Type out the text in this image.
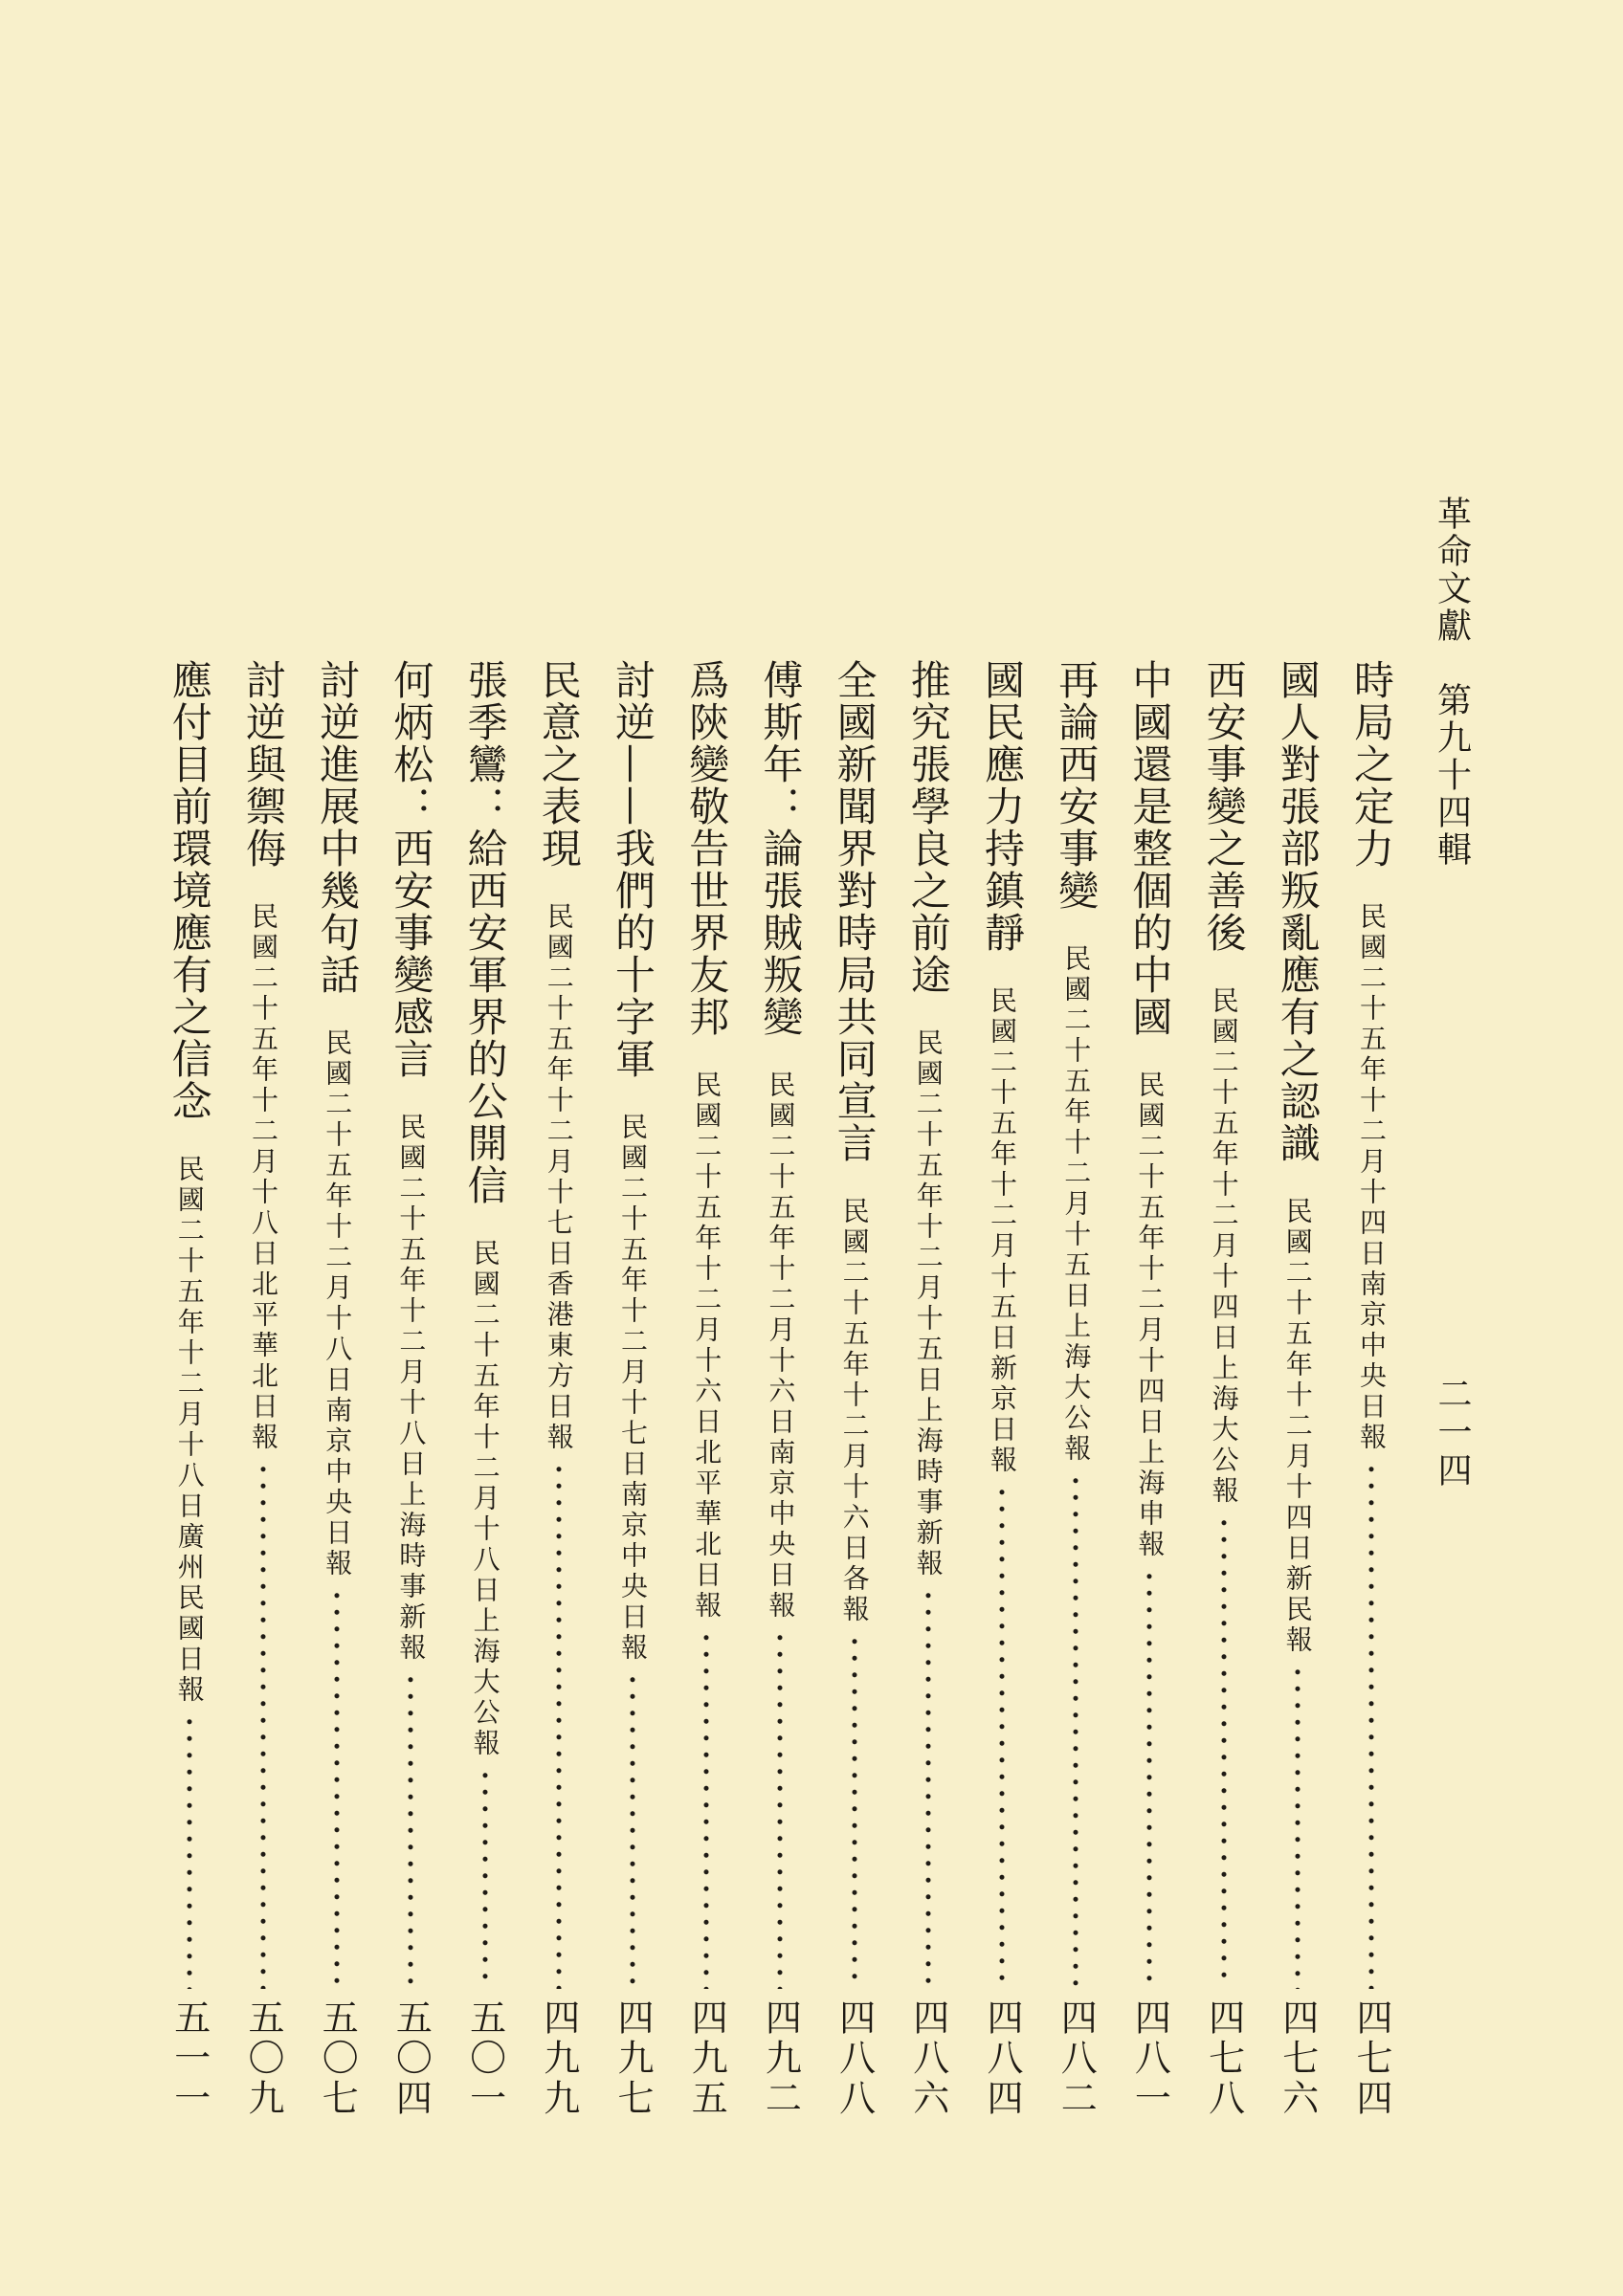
革命文獻　第九十四輯
二一四
時局之定力
民國二十五年十二月十四日南京中央日報
四七四
國人對張部叛亂應有之認識
民國二十五年十二月十四日新民報
四七六
西安事變之善後
民國二十五年十二月十四日上海大公報
四七八
中國還是整個的中國
民國二十五年十二月十四日上海申報
四八一
再論西安事變
民國二十五年十二月十五日上海大公報
四八二
國民應力持鎮靜
民國二十五年十二月十五日新京日報
四八四
推究張學良之前途
民國二十五年十二月十五日上海時事新報
四八六
全國新聞界對時局共同宣言
民國二十五年十二月十六日各報
四八八
傅斯年：論張賊叛變
民國二十五年十二月十六日南京中央日報
四九二
爲陝變敬告世界友邦
民國二十五年十二月十六日北平華北日報
四九五
討逆——我們的十字軍
民國二十五年十二月十七日南京中央日報
四九七
民意之表現
民國二十五年十二月十七日香港東方日報
四九九
張季鸞：給西安軍界的公開信
民國二十五年十二月十八日上海大公報
五〇一
何炳松：西安事變感言
民國二十五年十二月十八日上海時事新報
五〇四
討逆進展中幾句話
民國二十五年十二月十八日南京中央日報
五〇七
討逆與禦侮
民國二十五年十二月十八日北平華北日報
五〇九
應付目前環境應有之信念
民國二十五年十二月十八日廣州民國日報
五一一
